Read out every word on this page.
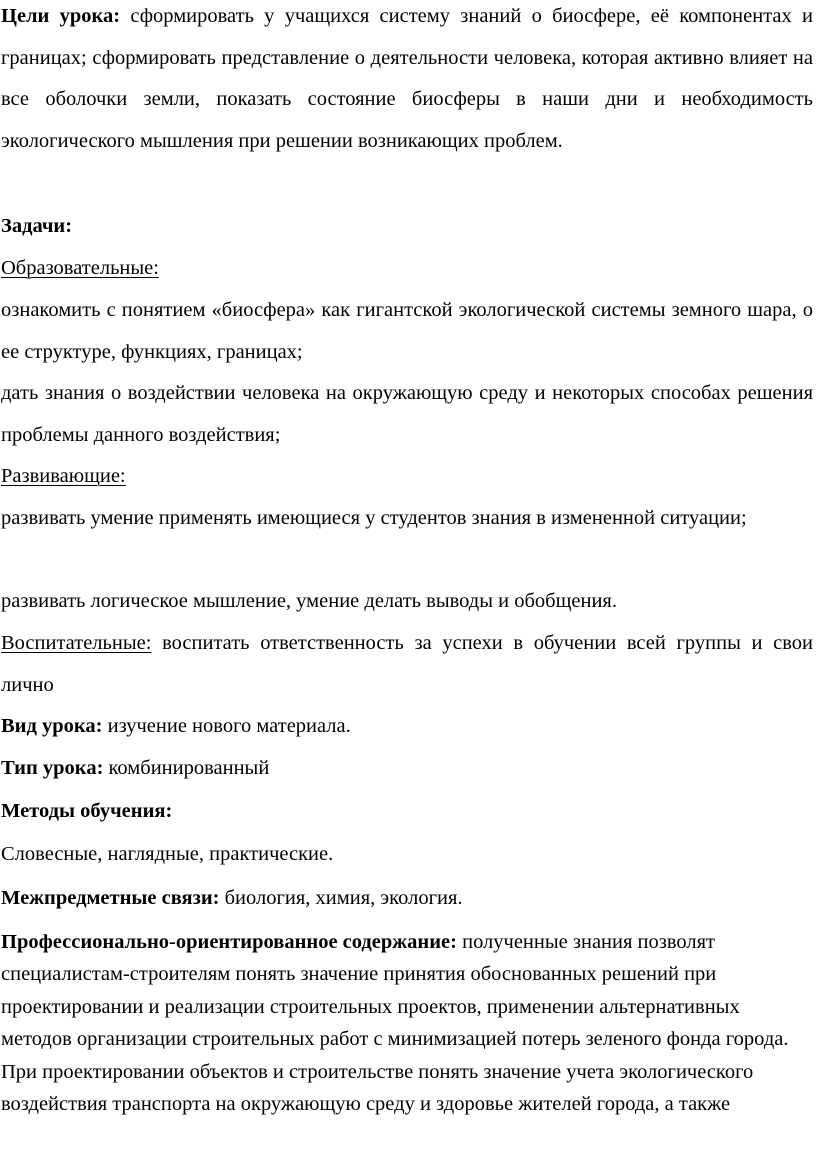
Цели урока: сформировать у учащихся систему знаний о биосфере, её компонентах и границах; сформировать представление о деятельности человека, которая активно влияет на все оболочки земли, показать состояние биосферы в наши дни и необходимость экологического мышления при решении возникающих проблем.

Задачи:

Образовательные:

ознакомить с понятием «биосфера» как гигантской экологической системы земного шара, о ее структуре, функциях, границах;

дать знания о воздействии человека на окружающую среду и некоторых способах решения проблемы данного воздействия;

Развивающие:

развивать умение применять имеющиеся у студентов знания в измененной ситуации;

развивать логическое мышление, умение делать выводы и обобщения.

Воспитательные: воспитать ответственность за успехи в обучении всей группы и свои лично

Вид урока: изучение нового материала.

Тип урока: комбинированный

Методы обучения:

Словесные, наглядные, практические.

Межпредметные связи: биология, химия, экология.

Профессионально-ориентированное содержание: полученные знания позволят специалистам-строителям понять значение принятия обоснованных решений при проектировании и реализации строительных проектов, применении альтернативных методов организации строительных работ с минимизацией потерь зеленого фонда города. При проектировании объектов и строительстве понять значение учета экологического воздействия транспорта на окружающую среду и здоровье жителей города, а также
